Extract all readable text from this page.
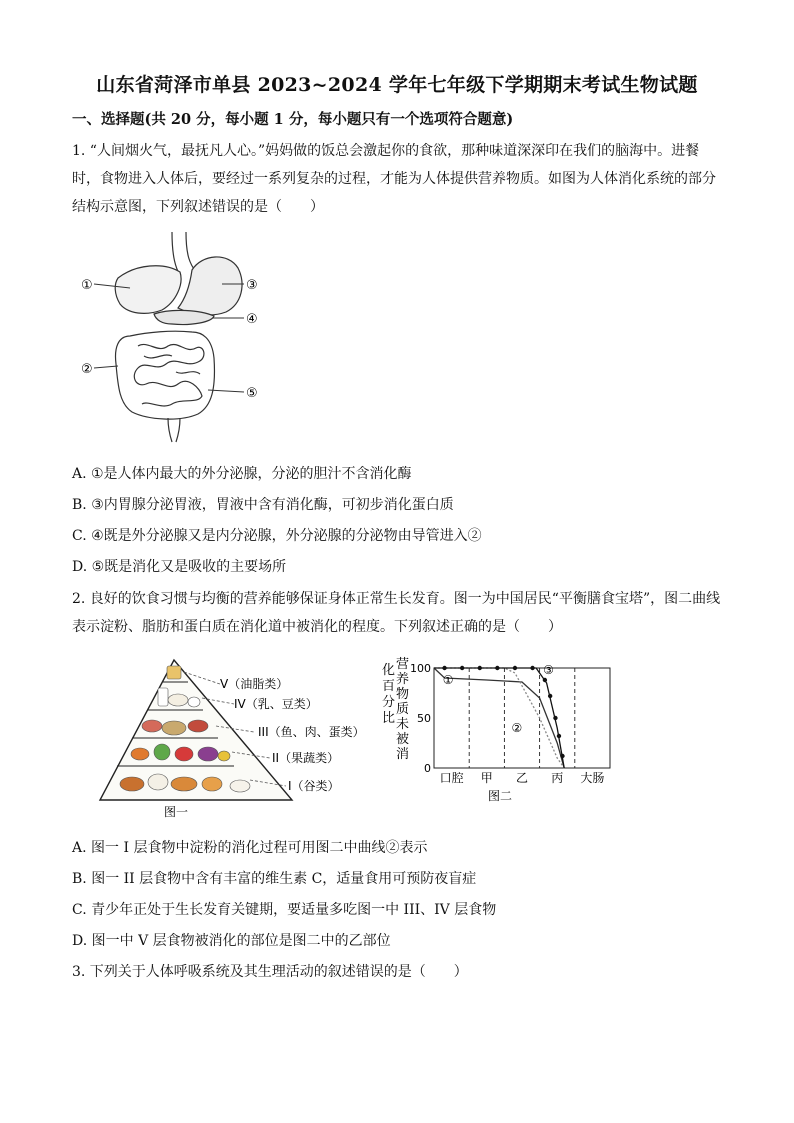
山东省菏泽市单县 2023~2024 学年七年级下学期期末考试生物试题
一、选择题(共 20 分，每小题 1 分，每小题只有一个选项符合题意)
1. “人间烟火气，最抚凡人心。”妈妈做的饭总会激起你的食欲，那种味道深深印在我们的脑海中。进餐
时，食物进入人体后，要经过一系列复杂的过程，才能为人体提供营养物质。如图为人体消化系统的部分
结构示意图，下列叙述错误的是（　　）
①
②
③
④
⑤
A. ①是人体内最大的外分泌腺，分泌的胆汁不含消化酶
B. ③内胃腺分泌胃液，胃液中含有消化酶，可初步消化蛋白质
C. ④既是外分泌腺又是内分泌腺，外分泌腺的分泌物由导管进入②
D. ⑤既是消化又是吸收的主要场所
2. 良好的饮食习惯与均衡的营养能够保证身体正常生长发育。图一为中国居民“平衡膳食宝塔”，图二曲线
表示淀粉、脂肪和蛋白质在消化道中被消化的程度。下列叙述正确的是（　　）
V（油脂类）
IV（乳、豆类）
III（鱼、肉、蛋类）
II（果蔬类）
I（谷类）
图一
化
百
分
比
营
养
物
质
未
被
消
100
50
0
口腔 甲 乙 丙 大肠
①
②
③
图二
A. 图一 I 层食物中淀粉的消化过程可用图二中曲线②表示
B. 图一 II 层食物中含有丰富的维生素 C，适量食用可预防夜盲症
C. 青少年正处于生长发育关键期，要适量多吃图一中 III、IV 层食物
D. 图一中 V 层食物被消化的部位是图二中的乙部位
3. 下列关于人体呼吸系统及其生理活动的叙述错误的是（　　）
